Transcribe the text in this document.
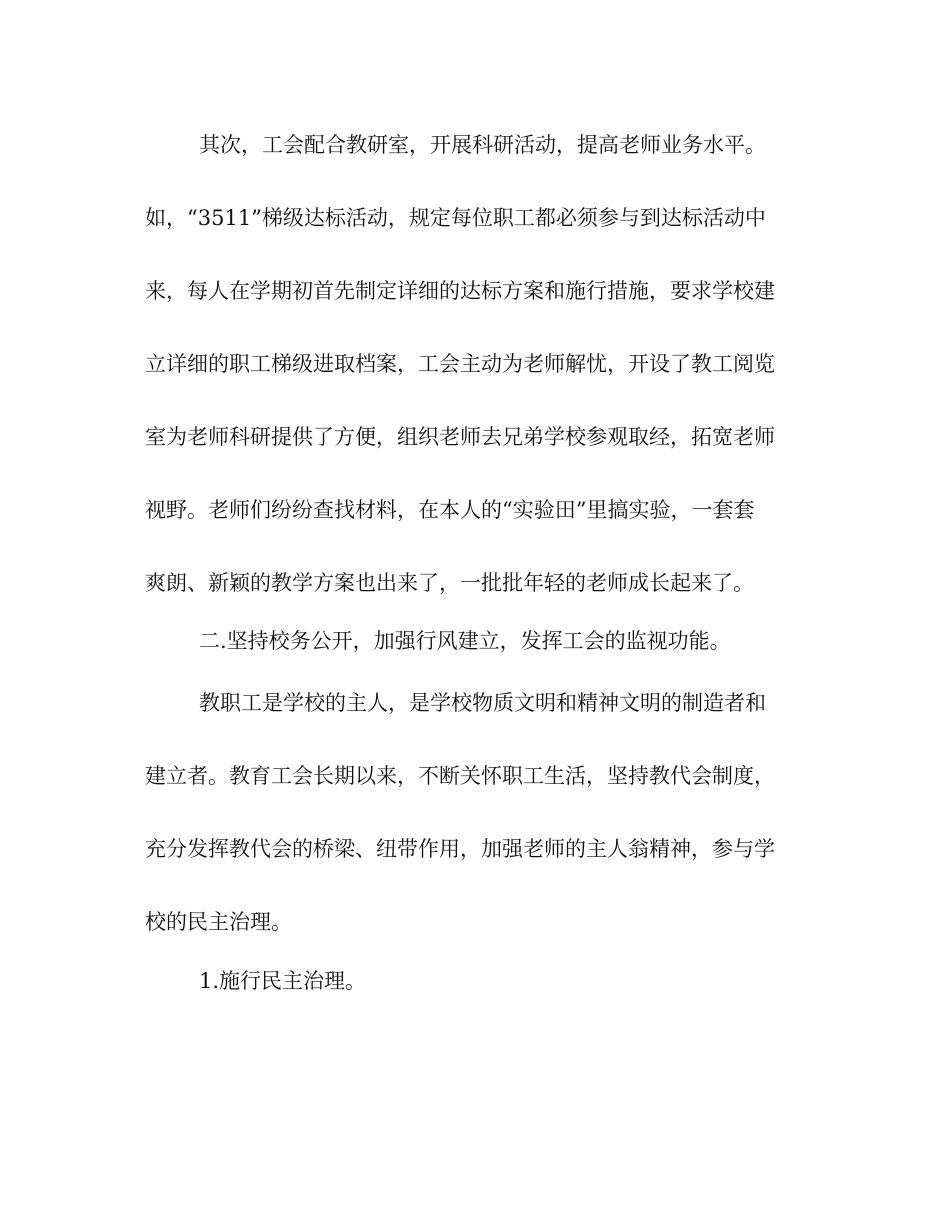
其次，工会配合教研室，开展科研活动，提高老师业务水平。
如，“3511”梯级达标活动，规定每位职工都必须参与到达标活动中
来，每人在学期初首先制定详细的达标方案和施行措施，要求学校建
立详细的职工梯级进取档案，工会主动为老师解忧，开设了教工阅览
室为老师科研提供了方便，组织老师去兄弟学校参观取经，拓宽老师
视野。老师们纷纷查找材料，在本人的“实验田”里搞实验，一套套
爽朗、新颖的教学方案也出来了，一批批年轻的老师成长起来了。
二.坚持校务公开，加强行风建立，发挥工会的监视功能。
教职工是学校的主人，是学校物质文明和精神文明的制造者和
建立者。教育工会长期以来，不断关怀职工生活，坚持教代会制度，
充分发挥教代会的桥梁、纽带作用，加强老师的主人翁精神，参与学
校的民主治理。
1.施行民主治理。
